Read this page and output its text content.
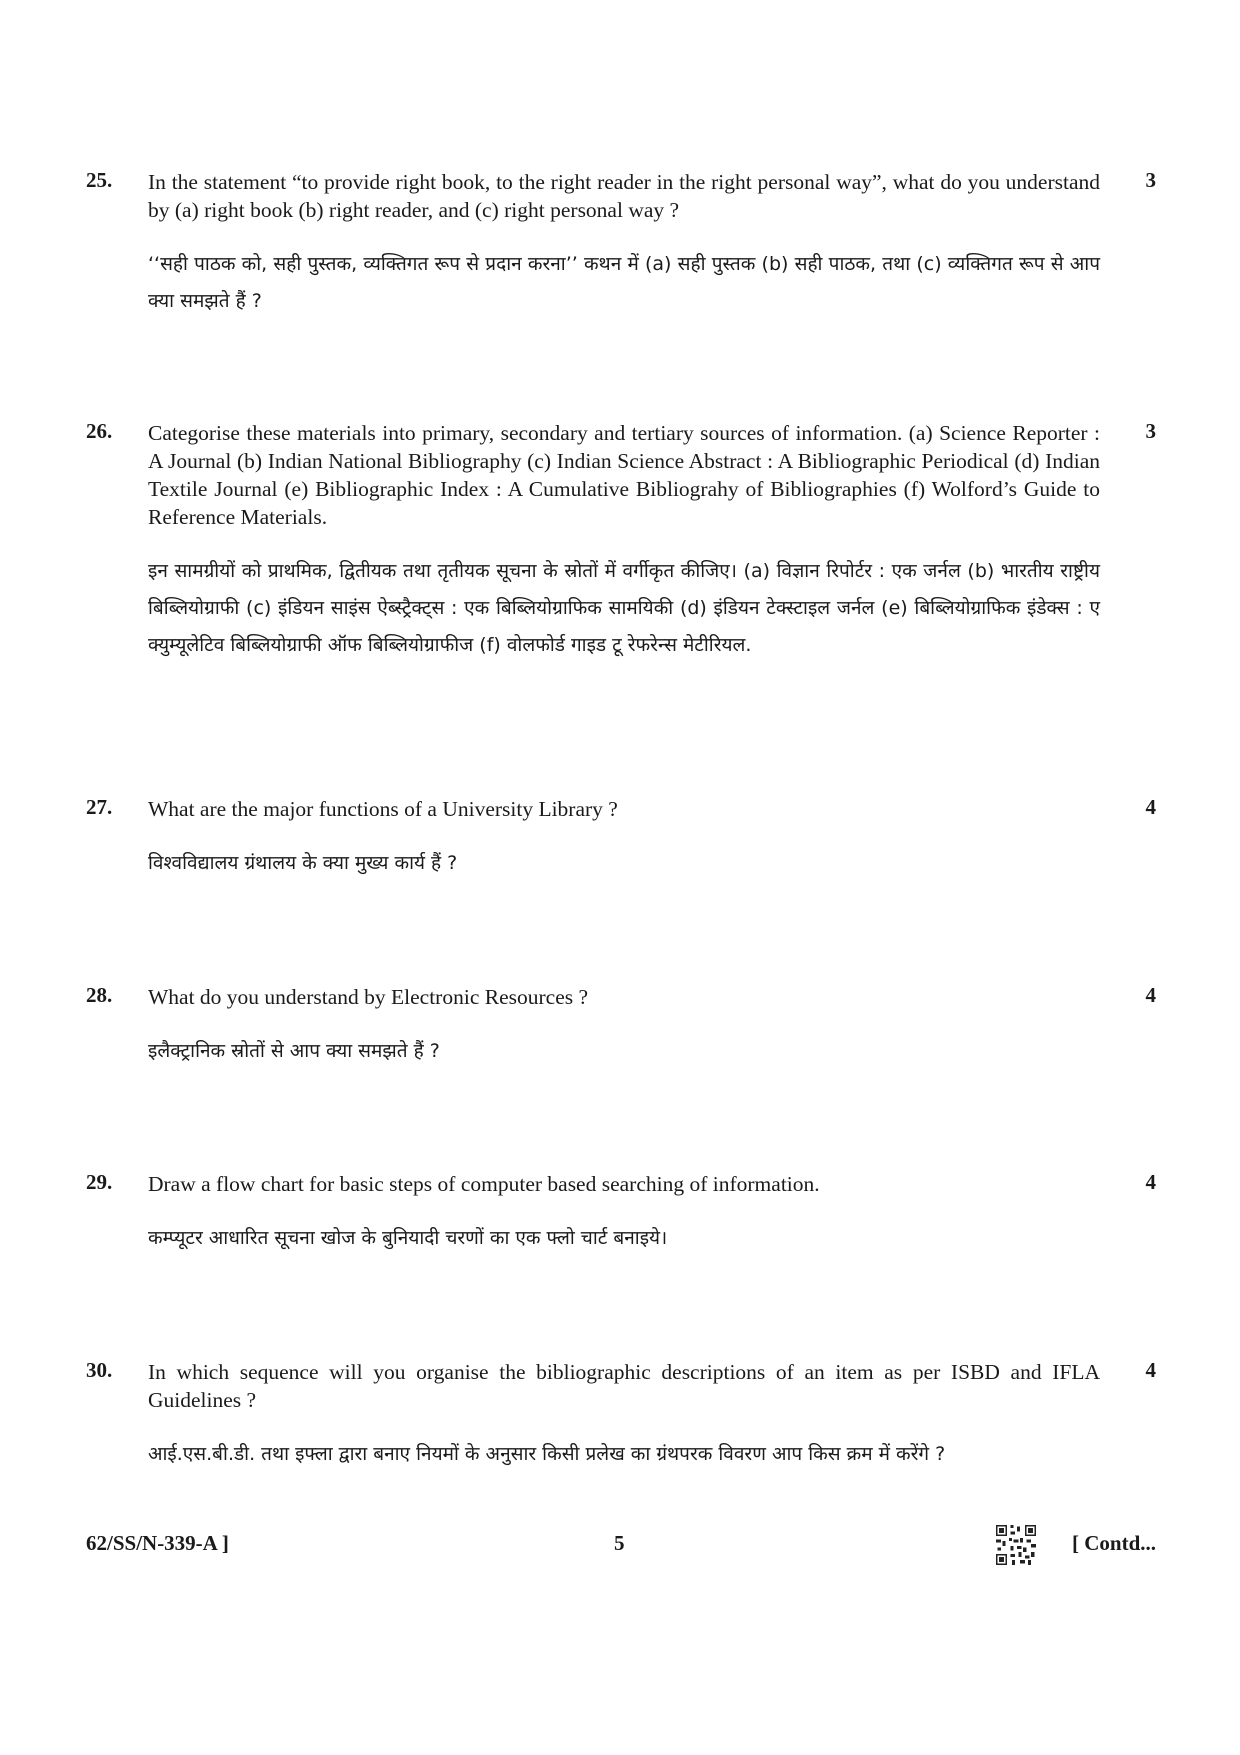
25.	3
In the statement “to provide right book, to the right reader in the right personal way”, what do you understand by (a) right book (b) right reader, and (c) right personal way ?
‘‘सही पाठक को, सही पुस्तक, व्यक्तिगत रूप से प्रदान करना’’ कथन में (a) सही पुस्तक (b) सही पाठक, तथा (c) व्यक्तिगत रूप से आप क्या समझते हैं ?
26.	3
Categorise these materials into primary, secondary and tertiary sources of information. (a) Science Reporter : A Journal (b) Indian National Bibliography (c) Indian Science Abstract : A Bibliographic Periodical (d) Indian Textile Journal (e) Bibliographic Index : A Cumulative Bibliograhy of Bibliographies (f) Wolford’s Guide to Reference Materials.
इन सामग्रीयों को प्राथमिक, द्वितीयक तथा तृतीयक सूचना के स्रोतों में वर्गीकृत कीजिए। (a) विज्ञान रिपोर्टर : एक जर्नल (b) भारतीय राष्ट्रीय बिब्लियोग्राफी (c) इंडियन साइंस ऐब्स्ट्रैक्ट्स : एक बिब्लियोग्राफिक सामयिकी (d) इंडियन टेक्स्टाइल जर्नल (e) बिब्लियोग्राफिक इंडेक्स : ए क्युम्यूलेटिव बिब्लियोग्राफी ऑफ बिब्लियोग्राफीज (f) वोलफोर्ड गाइड टू रेफरेन्स मेटीरियल.
27.	4
What are the major functions of a University Library ?
विश्वविद्यालय ग्रंथालय के क्या मुख्य कार्य हैं ?
28.	4
What do you understand by Electronic Resources ?
इलैक्ट्रानिक स्रोतों से आप क्या समझते हैं ?
29.	4
Draw a flow chart for basic steps of computer based searching of information.
कम्प्यूटर आधारित सूचना खोज के बुनियादी चरणों का एक फ्लो चार्ट बनाइये।
30.	4
In which sequence will you organise the bibliographic descriptions of an item as per ISBD and IFLA Guidelines ?
आई.एस.बी.डी. तथा इफ्ला द्वारा बनाए नियमों के अनुसार किसी प्रलेख का ग्रंथपरक विवरण आप किस क्रम में करेंगे ?
62/SS/N-339-A ]	5	[ Contd...
